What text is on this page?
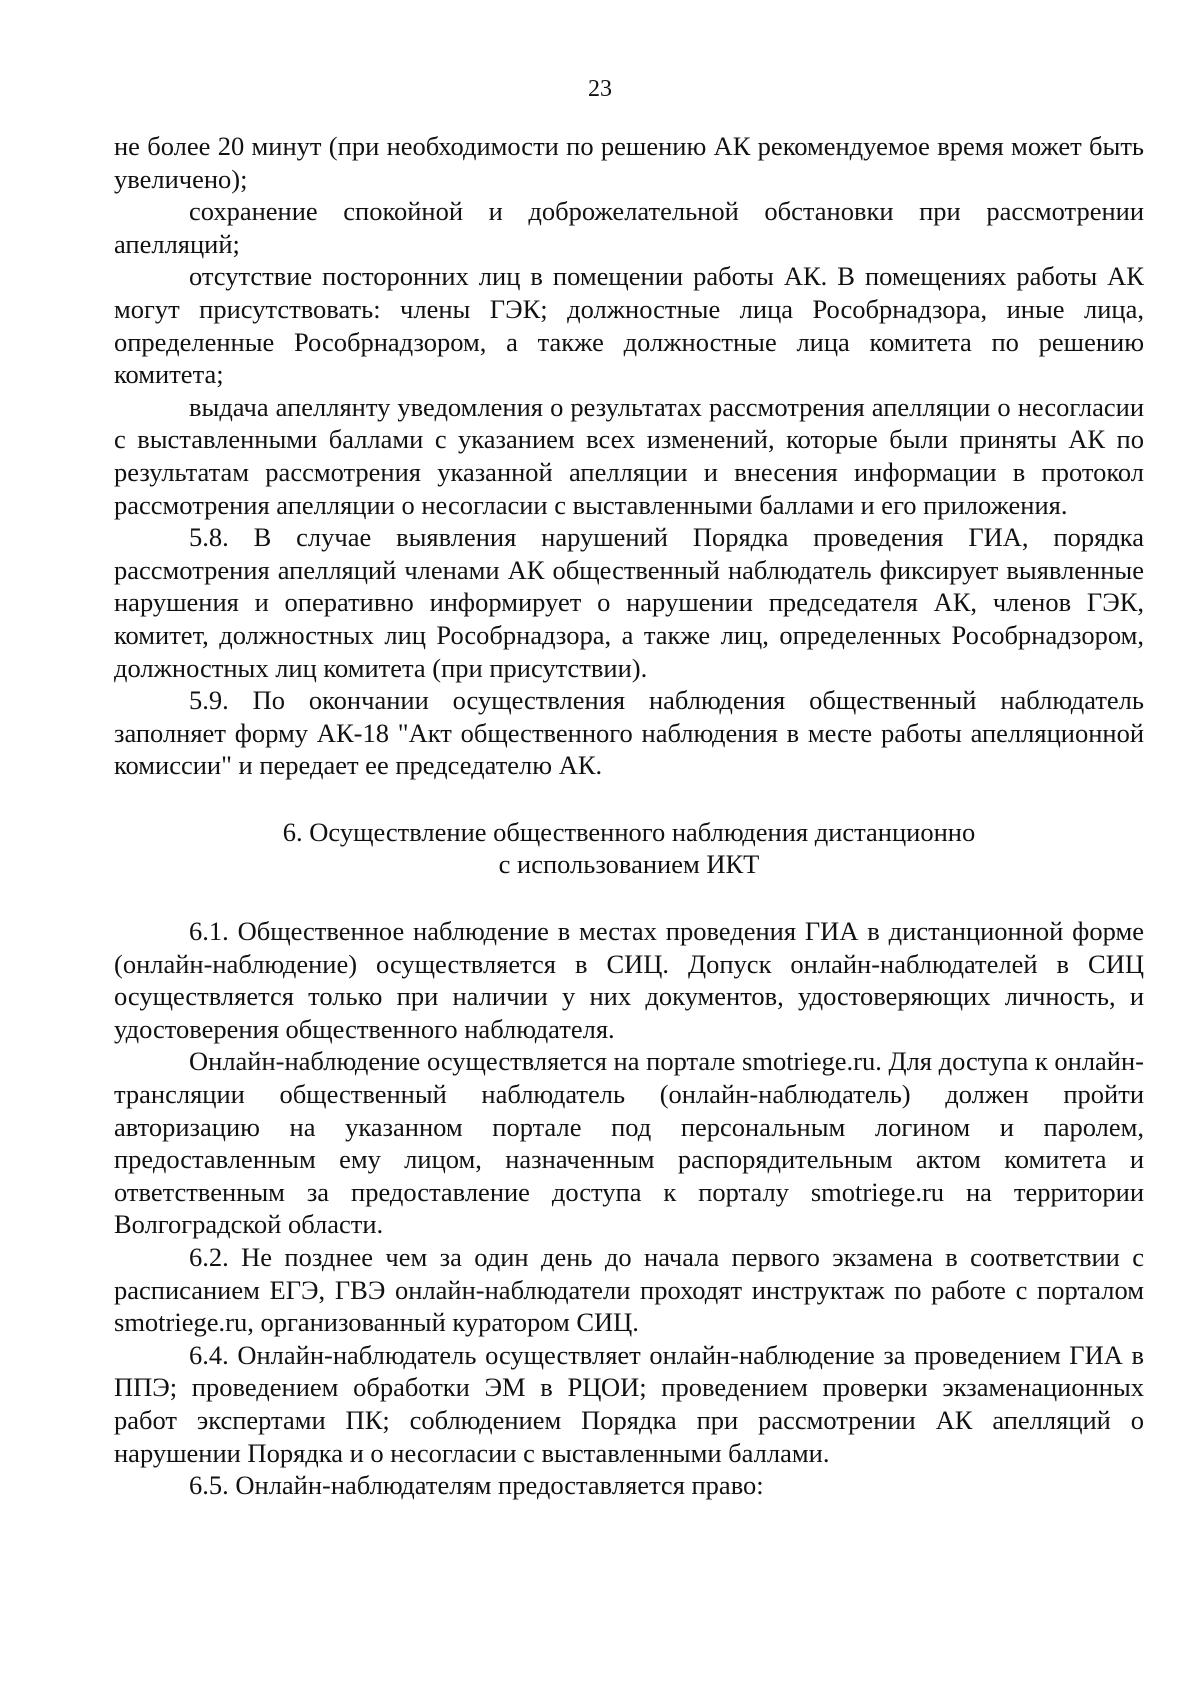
23

не более 20 минут (при необходимости по решению АК рекомендуемое время может быть увеличено);

сохранение спокойной и доброжелательной обстановки при рассмотрении апелляций;

отсутствие посторонних лиц в помещении работы АК. В помещениях работы АК могут присутствовать: члены ГЭК; должностные лица Рособрнадзора, иные лица, определенные Рособрнадзором, а также должностные лица комитета по решению комитета;

выдача апеллянту уведомления о результатах рассмотрения апелляции о несогласии с выставленными баллами с указанием всех изменений, которые были приняты АК по результатам рассмотрения указанной апелляции и внесения информации в протокол рассмотрения апелляции о несогласии с выставленными баллами и его приложения.

5.8. В случае выявления нарушений Порядка проведения ГИА, порядка рассмотрения апелляций членами АК общественный наблюдатель фиксирует выявленные нарушения и оперативно информирует о нарушении председателя АК, членов ГЭК, комитет, должностных лиц Рособрнадзора, а также лиц, определенных Рособрнадзором, должностных лиц комитета (при присутствии).

5.9. По окончании осуществления наблюдения общественный наблюдатель заполняет форму АК-18 "Акт общественного наблюдения в месте работы апелляционной комиссии" и передает ее председателю АК.

6. Осуществление общественного наблюдения дистанционно
с использованием ИКТ

6.1. Общественное наблюдение в местах проведения ГИА в дистанционной форме (онлайн-наблюдение) осуществляется в СИЦ. Допуск онлайн-наблюдателей в СИЦ осуществляется только при наличии у них документов, удостоверяющих личность, и удостоверения общественного наблюдателя.

Онлайн-наблюдение осуществляется на портале smotriege.ru. Для доступа к онлайн-трансляции общественный наблюдатель (онлайн-наблюдатель) должен пройти авторизацию на указанном портале под персональным логином и паролем, предоставленным ему лицом, назначенным распорядительным актом комитета и ответственным за предоставление доступа к порталу smotriege.ru на территории Волгоградской области.

6.2. Не позднее чем за один день до начала первого экзамена в соответствии с расписанием ЕГЭ, ГВЭ онлайн-наблюдатели проходят инструктаж по работе с порталом smotriege.ru, организованный куратором СИЦ.

6.4. Онлайн-наблюдатель осуществляет онлайн-наблюдение за проведением ГИА в ППЭ; проведением обработки ЭМ в РЦОИ; проведением проверки экзаменационных работ экспертами ПК; соблюдением Порядка при рассмотрении АК апелляций о нарушении Порядка и о несогласии с выставленными баллами.

6.5. Онлайн-наблюдателям предоставляется право:
